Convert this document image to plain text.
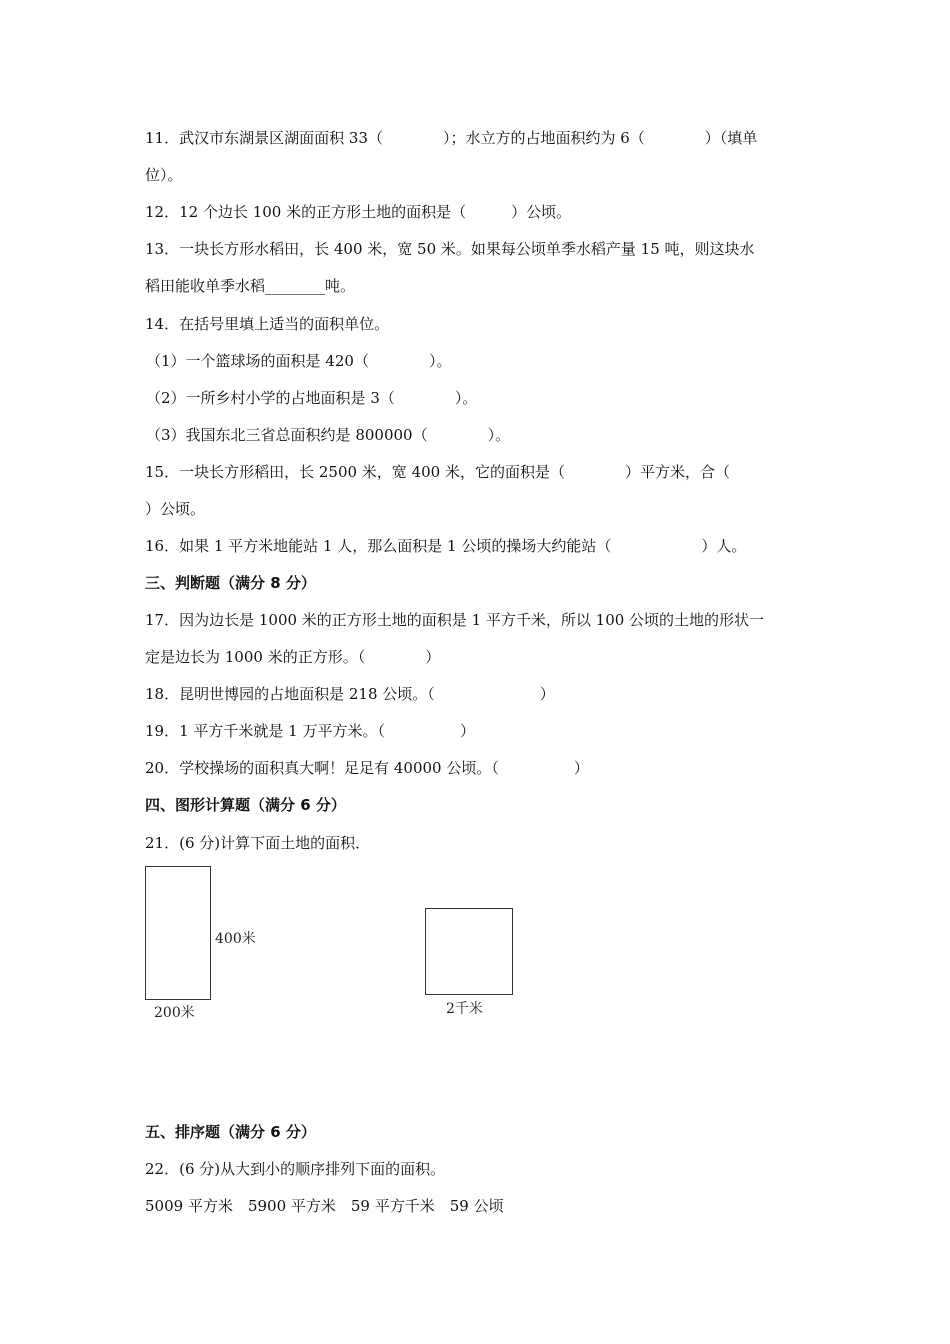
11．武汉市东湖景区湖面面积 33（　　　　）；水立方的占地面积约为 6（　　　　）（填单
位）。
12．12 个边长 100 米的正方形土地的面积是（　　　）公顷。
13．一块长方形水稻田，长 400 米，宽 50 米。如果每公顷单季水稻产量 15 吨，则这块水
稻田能收单季水稻________吨。
14．在括号里填上适当的面积单位。
（1）一个篮球场的面积是 420（　　　　）。
（2）一所乡村小学的占地面积是 3（　　　　）。
（3）我国东北三省总面积约是 800000（　　　　）。
15．一块长方形稻田，长 2500 米，宽 400 米，它的面积是（　　　　）平方米，合（
）公顷。
16．如果 1 平方米地能站 1 人，那么面积是 1 公顷的操场大约能站（　　　　　　）人。
三、判断题（满分 8 分）
17．因为边长是 1000 米的正方形土地的面积是 1 平方千米，所以 100 公顷的土地的形状一
定是边长为 1000 米的正方形。（　　　　）
18．昆明世博园的占地面积是 218 公顷。（　　　　　　　）
19．1 平方千米就是 1 万平方米。（　　　　　）
20．学校操场的面积真大啊！足足有 40000 公顷。（　　　　　）
四、图形计算题（满分 6 分）
21．(6 分)计算下面土地的面积．
400米
200米	2千米
五、排序题（满分 6 分）
22．(6 分)从大到小的顺序排列下面的面积。
5009 平方米　5900 平方米　59 平方千米　59 公顷
